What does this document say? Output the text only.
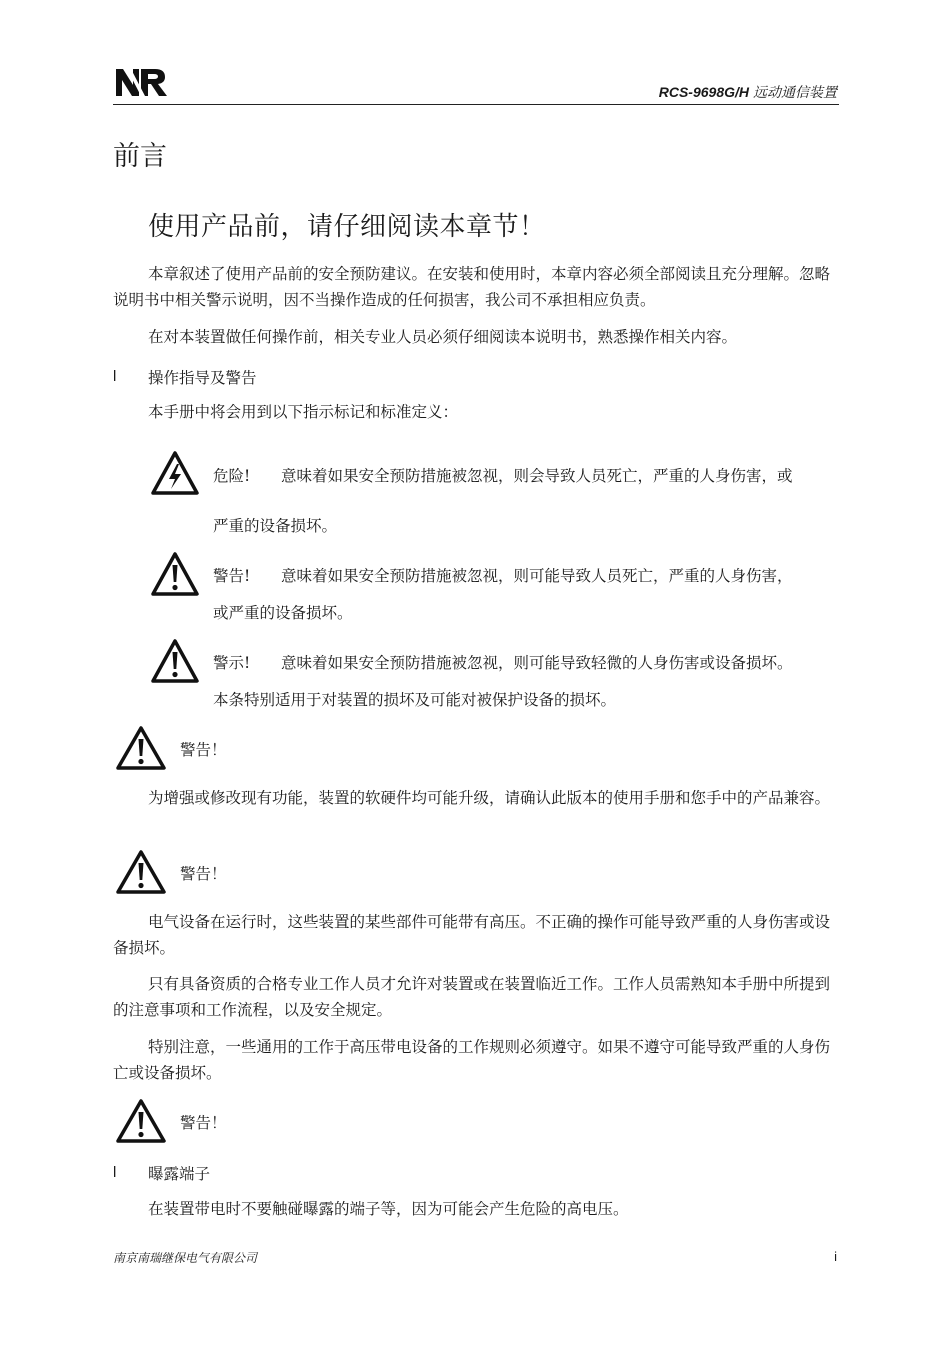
RCS-9698G/H 远动通信装置
前言
使用产品前，请仔细阅读本章节！
本章叙述了使用产品前的安全预防建议。在安装和使用时，本章内容必须全部阅读且充分理解。忽略说明书中相关警示说明，因不当操作造成的任何损害，我公司不承担相应负责。
在对本装置做任何操作前，相关专业人员必须仔细阅读本说明书，熟悉操作相关内容。
l 操作指导及警告
本手册中将会用到以下指示标记和标准定义：
危险! 意味着如果安全预防措施被忽视，则会导致人员死亡，严重的人身伤害，或
严重的设备损坏。
警告! 意味着如果安全预防措施被忽视，则可能导致人员死亡，严重的人身伤害，
或严重的设备损坏。
警示! 意味着如果安全预防措施被忽视，则可能导致轻微的人身伤害或设备损坏。
本条特别适用于对装置的损坏及可能对被保护设备的损坏。
警告！
为增强或修改现有功能，装置的软硬件均可能升级，请确认此版本的使用手册和您手中的产品兼容。
警告！
电气设备在运行时，这些装置的某些部件可能带有高压。不正确的操作可能导致严重的人身伤害或设备损坏。
只有具备资质的合格专业工作人员才允许对装置或在装置临近工作。工作人员需熟知本手册中所提到的注意事项和工作流程，以及安全规定。
特别注意，一些通用的工作于高压带电设备的工作规则必须遵守。如果不遵守可能导致严重的人身伤亡或设备损坏。
警告！
l 曝露端子
在装置带电时不要触碰曝露的端子等，因为可能会产生危险的高电压。
南京南瑞继保电气有限公司	i
